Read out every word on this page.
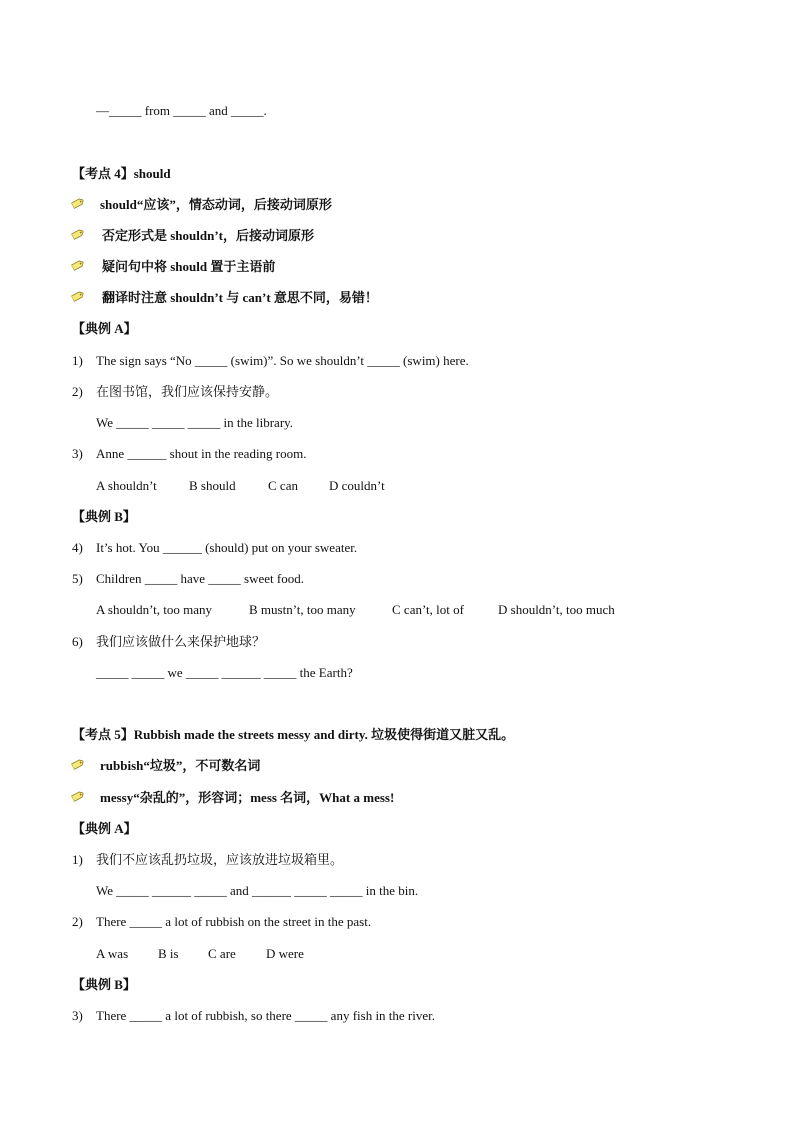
—_____ from _____ and _____.
【考点 4】should
should“应该”，情态动词，后接动词原形
否定形式是 shouldn’t，后接动词原形
疑问句中将 should 置于主语前
翻译时注意 shouldn’t 与 can’t 意思不同，易错！
【典例 A】
1) The sign says “No _____ (swim)”. So we shouldn’t _____ (swim) here.
2) 在图书馆，我们应该保持安静。
We _____ _____ _____ in the library.
3) Anne ______ shout in the reading room.
A shouldn’t B should C can D couldn’t
【典例 B】
4) It’s hot. You ______ (should) put on your sweater.
5) Children _____ have _____ sweet food.
A shouldn’t, too many	B mustn’t, too many	C can’t, lot of	D shouldn’t, too much
6) 我们应该做什么来保护地球？
_____ _____ we _____ ______ _____ the Earth?
【考点 5】Rubbish made the streets messy and dirty. 垃圾使得街道又脏又乱。
rubbish“垃圾”，不可数名词
messy“杂乱的”，形容词；mess 名词，What a mess!
【典例 A】
1) 我们不应该乱扔垃圾，应该放进垃圾箱里。
We _____ ______ _____ and ______ _____ _____ in the bin.
2) There _____ a lot of rubbish on the street in the past.
A was B is C are D were
【典例 B】
3) There _____ a lot of rubbish, so there _____ any fish in the river.
